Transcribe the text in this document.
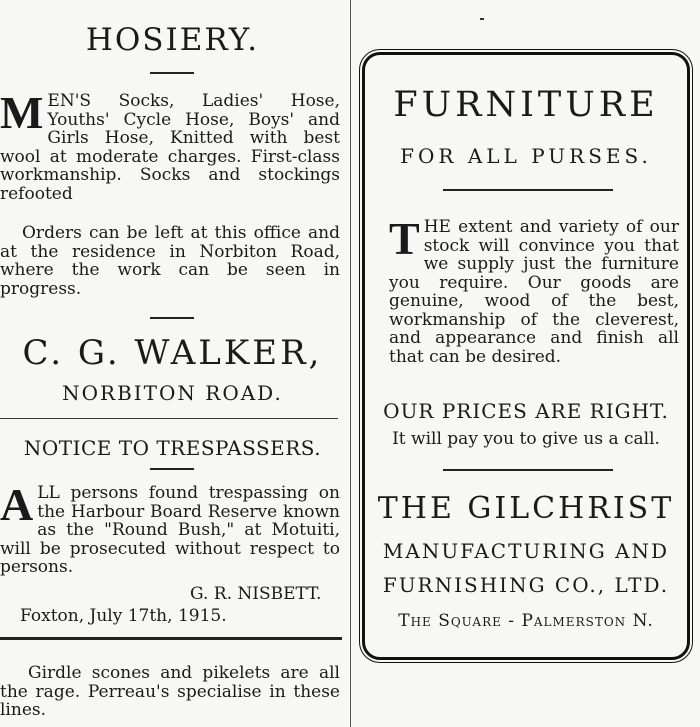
HOSIERY.
M EN'S Socks, Ladies' Hose, Youths' Cycle Hose, Boys' and Girls Hose, Knitted with best wool at moderate charges. First-class workmanship. Socks and stockings refooted
Orders can be left at this office and at the residence in Norbiton Road, where the work can be seen in progress.
C. G. WALKER,
NORBITON ROAD.
NOTICE TO TRESPASSERS.
A LL persons found trespassing on the Harbour Board Reserve known as the "Round Bush," at Motuiti, will be prosecuted without respect to persons.
G. R. NISBETT.
Foxton, July 17th, 1915.
Girdle scones and pikelets are all the rage. Perreau's specialise in these lines.
FURNITURE
FOR ALL PURSES.
T HE extent and variety of our stock will convince you that we supply just the furniture you require. Our goods are genuine, wood of the best, workmanship of the cleverest, and appearance and finish all that can be desired.
OUR PRICES ARE RIGHT.
It will pay you to give us a call.
THE GILCHRIST
MANUFACTURING AND
FURNISHING CO., LTD.
The Square - Palmerston N.
